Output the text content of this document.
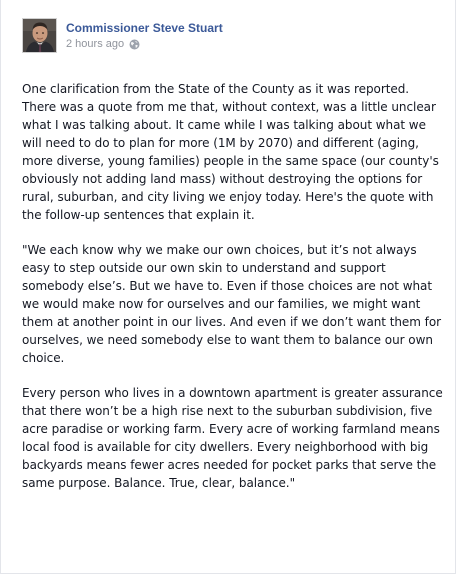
Commissioner Steve Stuart
2 hours ago

One clarification from the State of the County as it was reported. There was a quote from me that, without context, was a little unclear what I was talking about. It came while I was talking about what we will need to do to plan for more (1M by 2070) and different (aging, more diverse, young families) people in the same space (our county's obviously not adding land mass) without destroying the options for rural, suburban, and city living we enjoy today. Here's the quote with the follow-up sentences that explain it.

"We each know why we make our own choices, but it’s not always easy to step outside our own skin to understand and support somebody else’s. But we have to. Even if those choices are not what we would make now for ourselves and our families, we might want them at another point in our lives. And even if we don’t want them for ourselves, we need somebody else to want them to balance our own choice.

Every person who lives in a downtown apartment is greater assurance that there won’t be a high rise next to the suburban subdivision, five acre paradise or working farm. Every acre of working farmland means local food is available for city dwellers. Every neighborhood with big backyards means fewer acres needed for pocket parks that serve the same purpose. Balance. True, clear, balance."
